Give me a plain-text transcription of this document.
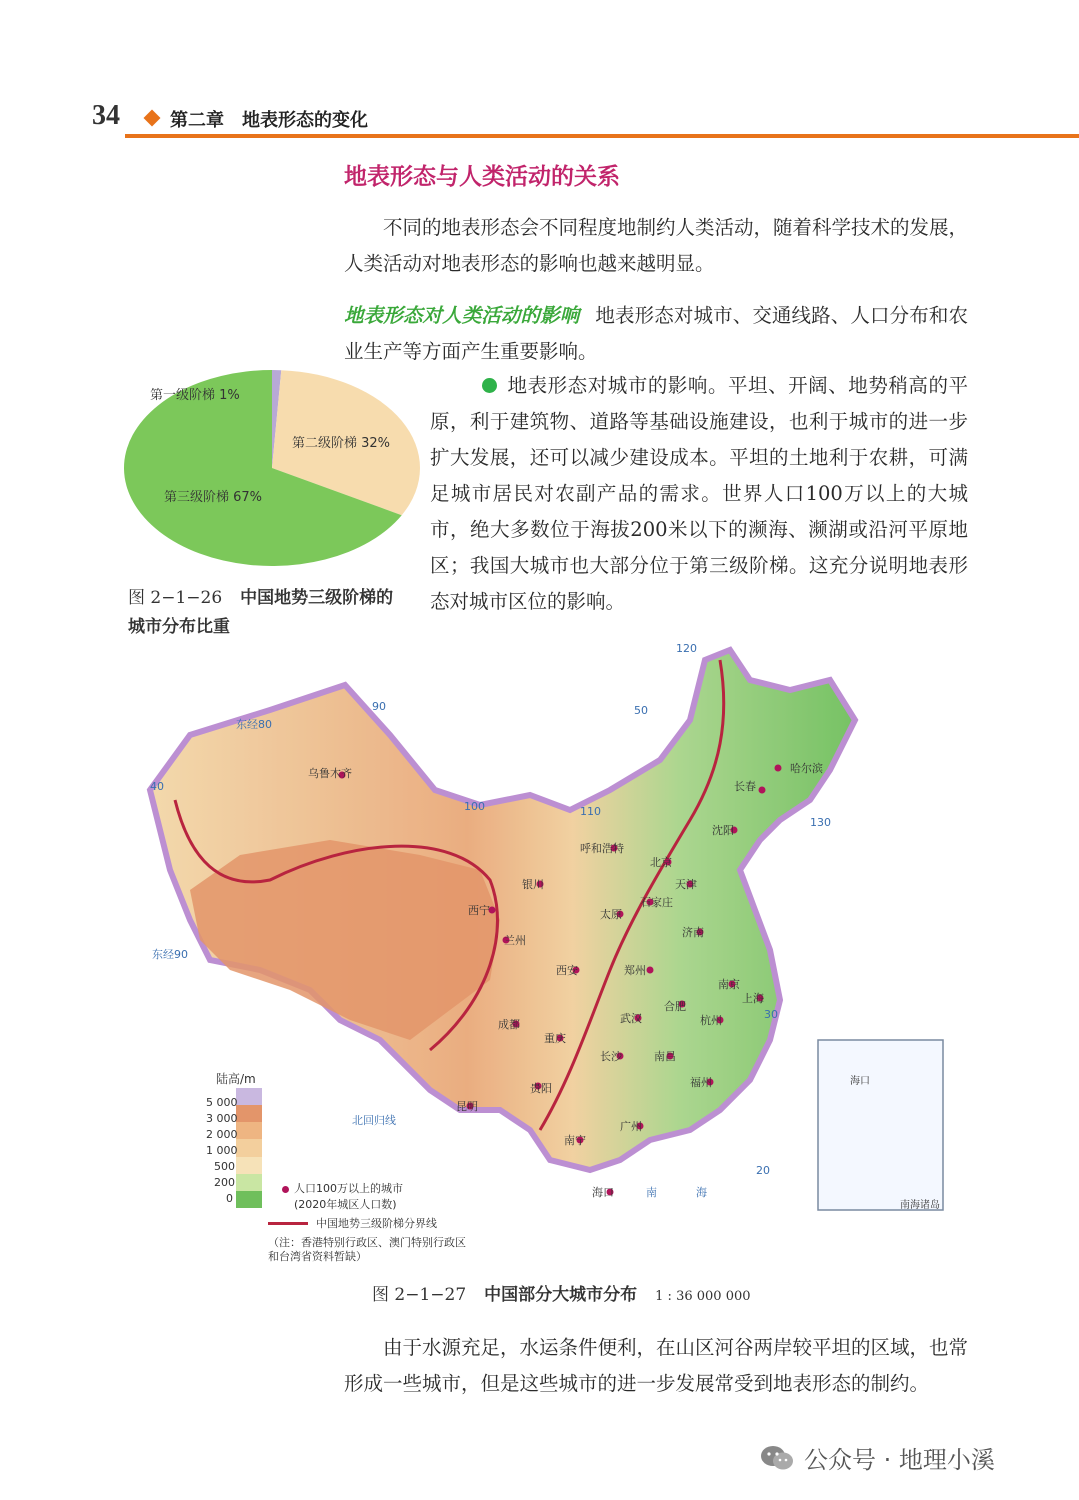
34	第二章 地表形态的变化
地表形态与人类活动的关系
不同的地表形态会不同程度地制约人类活动，随着科学技术的发展，人类活动对地表形态的影响也越来越明显。
地表形态对人类活动的影响 地表形态对城市、交通线路、人口分布和农业生产等方面产生重要影响。
地表形态对城市的影响。平坦、开阔、地势稍高的平原，利于建筑物、道路等基础设施建设，也利于城市的进一步扩大发展，还可以减少建设成本。平坦的土地利于农耕，可满足城市居民对农副产品的需求。世界人口100万以上的大城市，绝大多数位于海拔200米以下的濒海、濒湖或沿河平原地区；我国大城市也大部分位于第三级阶梯。这充分说明地表形态对城市区位的影响。
第一级阶梯 1%
第二级阶梯 32%
第三级阶梯 67%
图 2−1−26 中国地势三级阶梯的城市分布比重
乌鲁木齐	哈尔滨
长春
沈阳
呼和浩特
北京
天津
石家庄
银川
太原
济南
西宁
兰州
郑州
西安
南京
上海
合肥
成都	武汉	杭州
重庆
长沙	南昌
贵阳	福州
昆明
广州
南宁
海口
东经80
90
100	110
120
130
东经90
40
50
30
20
北回归线
南	海
南海诸岛
海口
陆高/m
5 000
3 000
2 000
1 000
500
200
0
人口100万以上的城市
(2020年城区人口数)
中国地势三级阶梯分界线
（注：香港特别行政区、澳门特别行政区和台湾省资料暂缺）
图 2−1−27 中国部分大城市分布 1 : 36 000 000
由于水源充足，水运条件便利，在山区河谷两岸较平坦的区域，也常形成一些城市，但是这些城市的进一步发展常受到地表形态的制约。
公众号 · 地理小溪
